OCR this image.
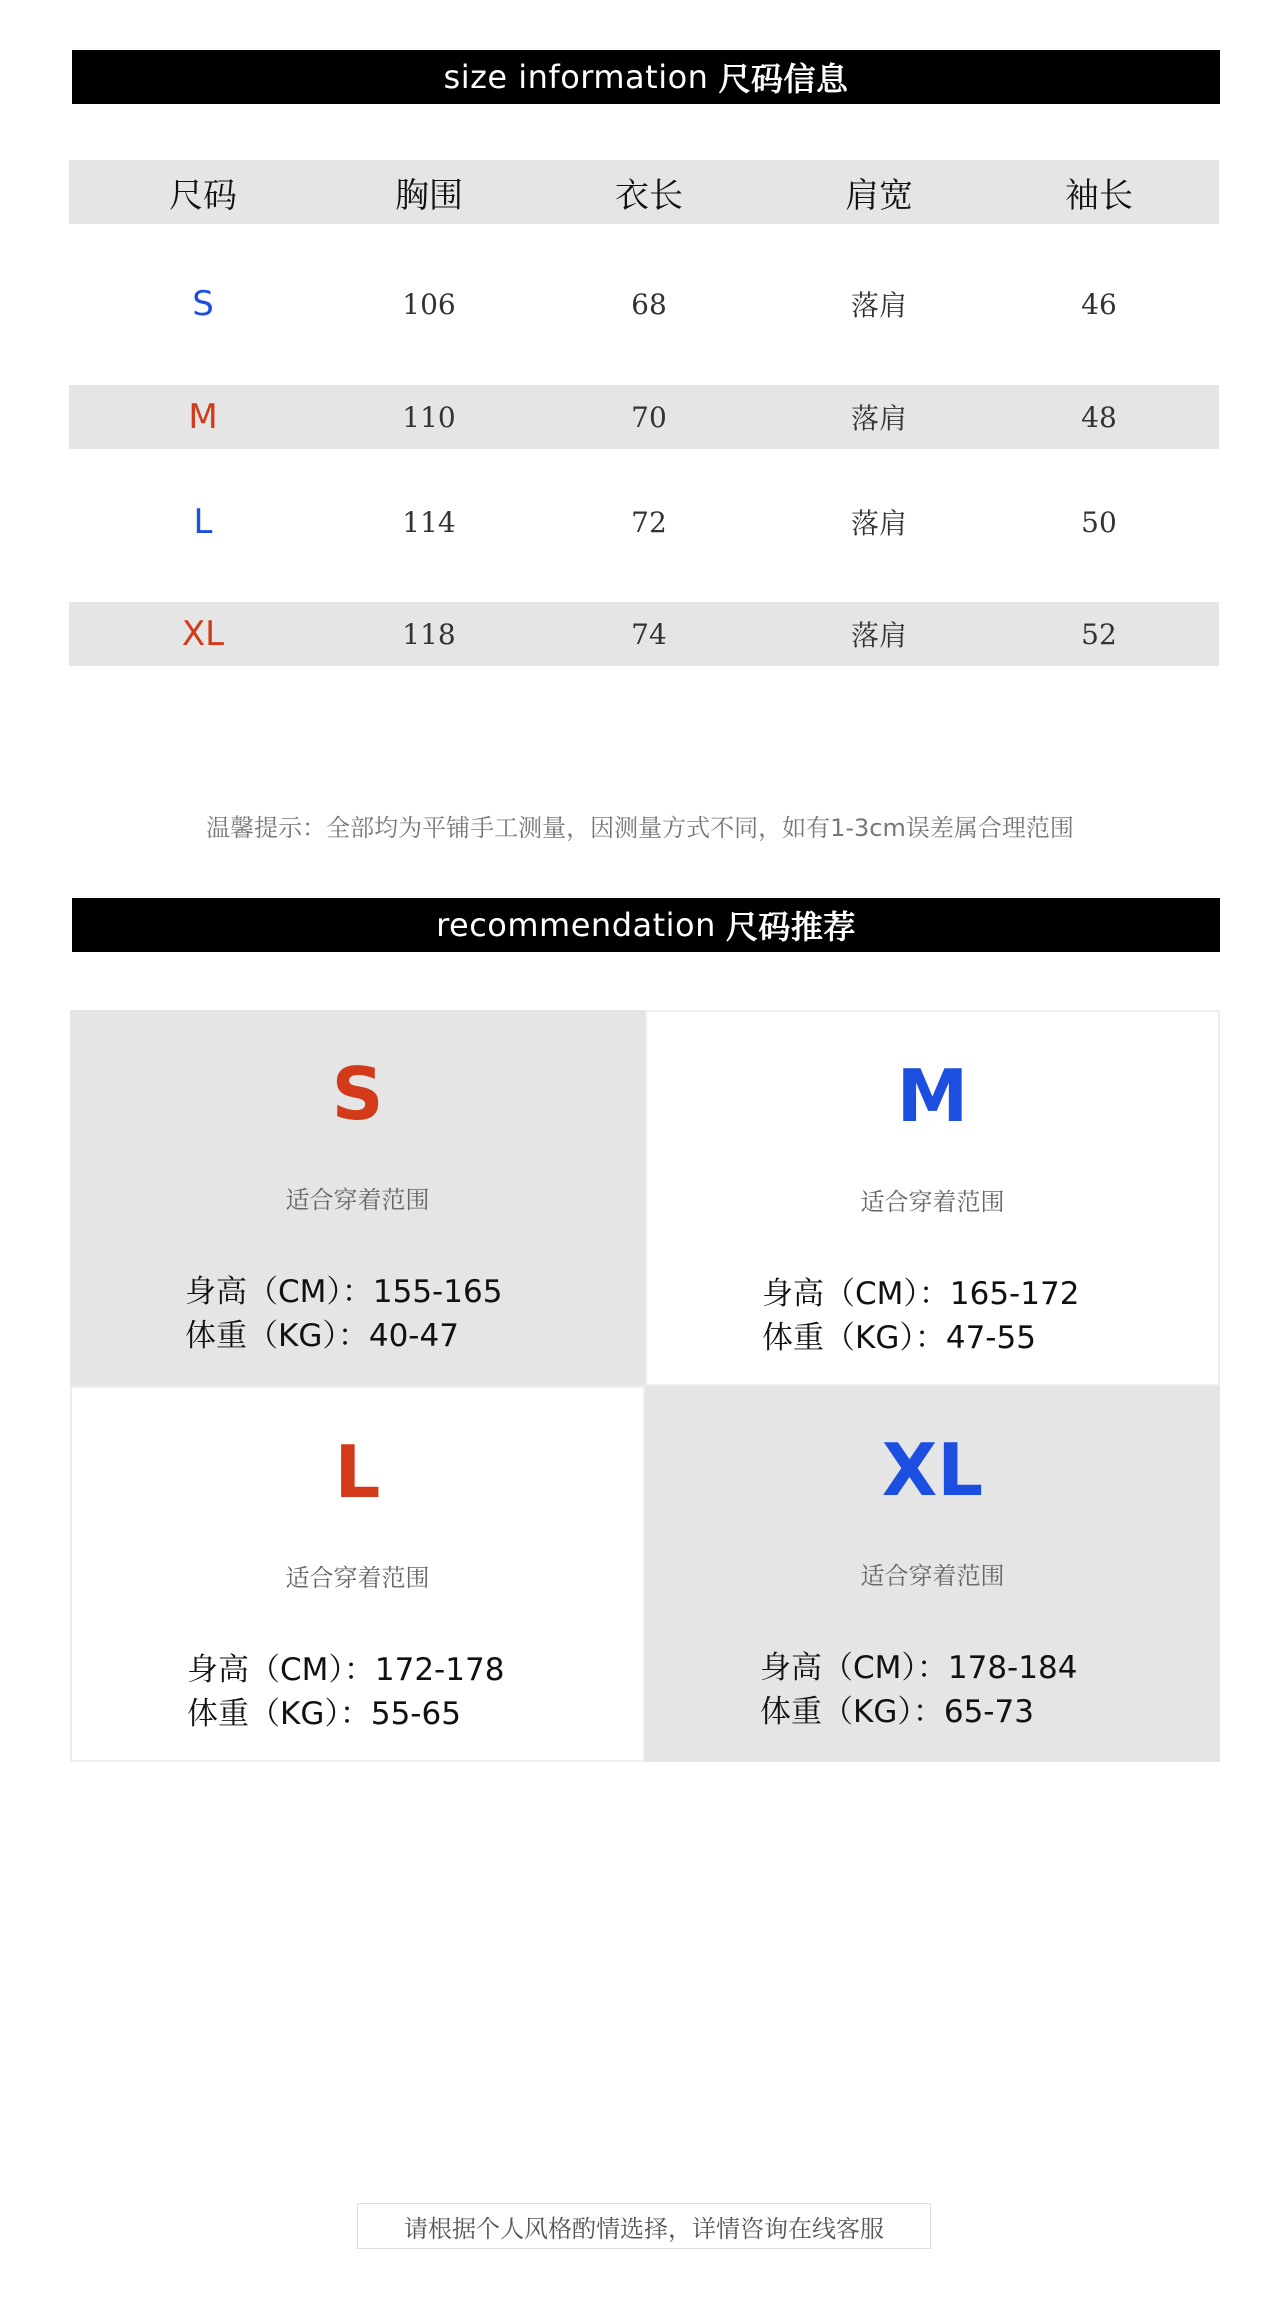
size information 尺码信息
尺码	胸围	衣长	肩宽	袖长
S	106	68	落肩	46
M	110	70	落肩	48
L	114	72	落肩	50
XL	118	74	落肩	52
温馨提示：全部均为平铺手工测量，因测量方式不同，如有1-3cm误差属合理范围
recommendation 尺码推荐
S
适合穿着范围
身高（CM）：155-165
体重（KG）：40-47
M
适合穿着范围
身高（CM）：165-172
体重（KG）：47-55
L
适合穿着范围
身高（CM）：172-178
体重（KG）：55-65
XL
适合穿着范围
身高（CM）：178-184
体重（KG）：65-73
请根据个人风格酌情选择，详情咨询在线客服
